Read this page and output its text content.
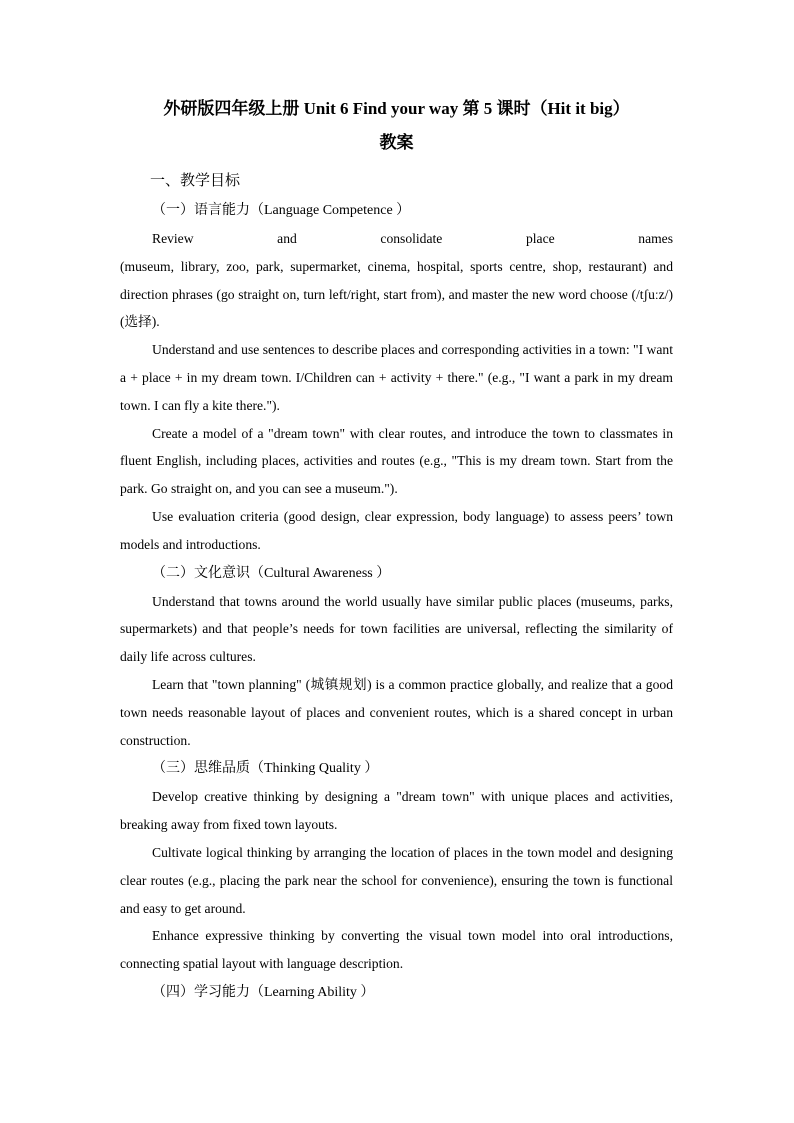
外研版四年级上册 Unit 6 Find your way 第 5 课时（Hit it big）

教案

一、教学目标

（一）语言能力（Language Competence ）

Review and consolidate place names

(museum, library, zoo, park, supermarket, cinema, hospital, sports centre, shop, restaurant) and direction phrases (go straight on, turn left/right, start from), and master the new word choose (/tʃuːz/) (选择).

Understand and use sentences to describe places and corresponding activities in a town: "I want a + place + in my dream town. I/Children can + activity + there." (e.g., "I want a park in my dream town. I can fly a kite there.").

Create a model of a "dream town" with clear routes, and introduce the town to classmates in fluent English, including places, activities and routes (e.g., "This is my dream town. Start from the park. Go straight on, and you can see a museum.").

Use evaluation criteria (good design, clear expression, body language) to assess peers’ town models and introductions.

（二）文化意识（Cultural Awareness ）

Understand that towns around the world usually have similar public places (museums, parks, supermarkets) and that people’s needs for town facilities are universal, reflecting the similarity of daily life across cultures.

Learn that "town planning" (城镇规划) is a common practice globally, and realize that a good town needs reasonable layout of places and convenient routes, which is a shared concept in urban construction.

（三）思维品质（Thinking Quality ）

Develop creative thinking by designing a "dream town" with unique places and activities, breaking away from fixed town layouts.

Cultivate logical thinking by arranging the location of places in the town model and designing clear routes (e.g., placing the park near the school for convenience), ensuring the town is functional and easy to get around.

Enhance expressive thinking by converting the visual town model into oral introductions, connecting spatial layout with language description.

（四）学习能力（Learning Ability ）
